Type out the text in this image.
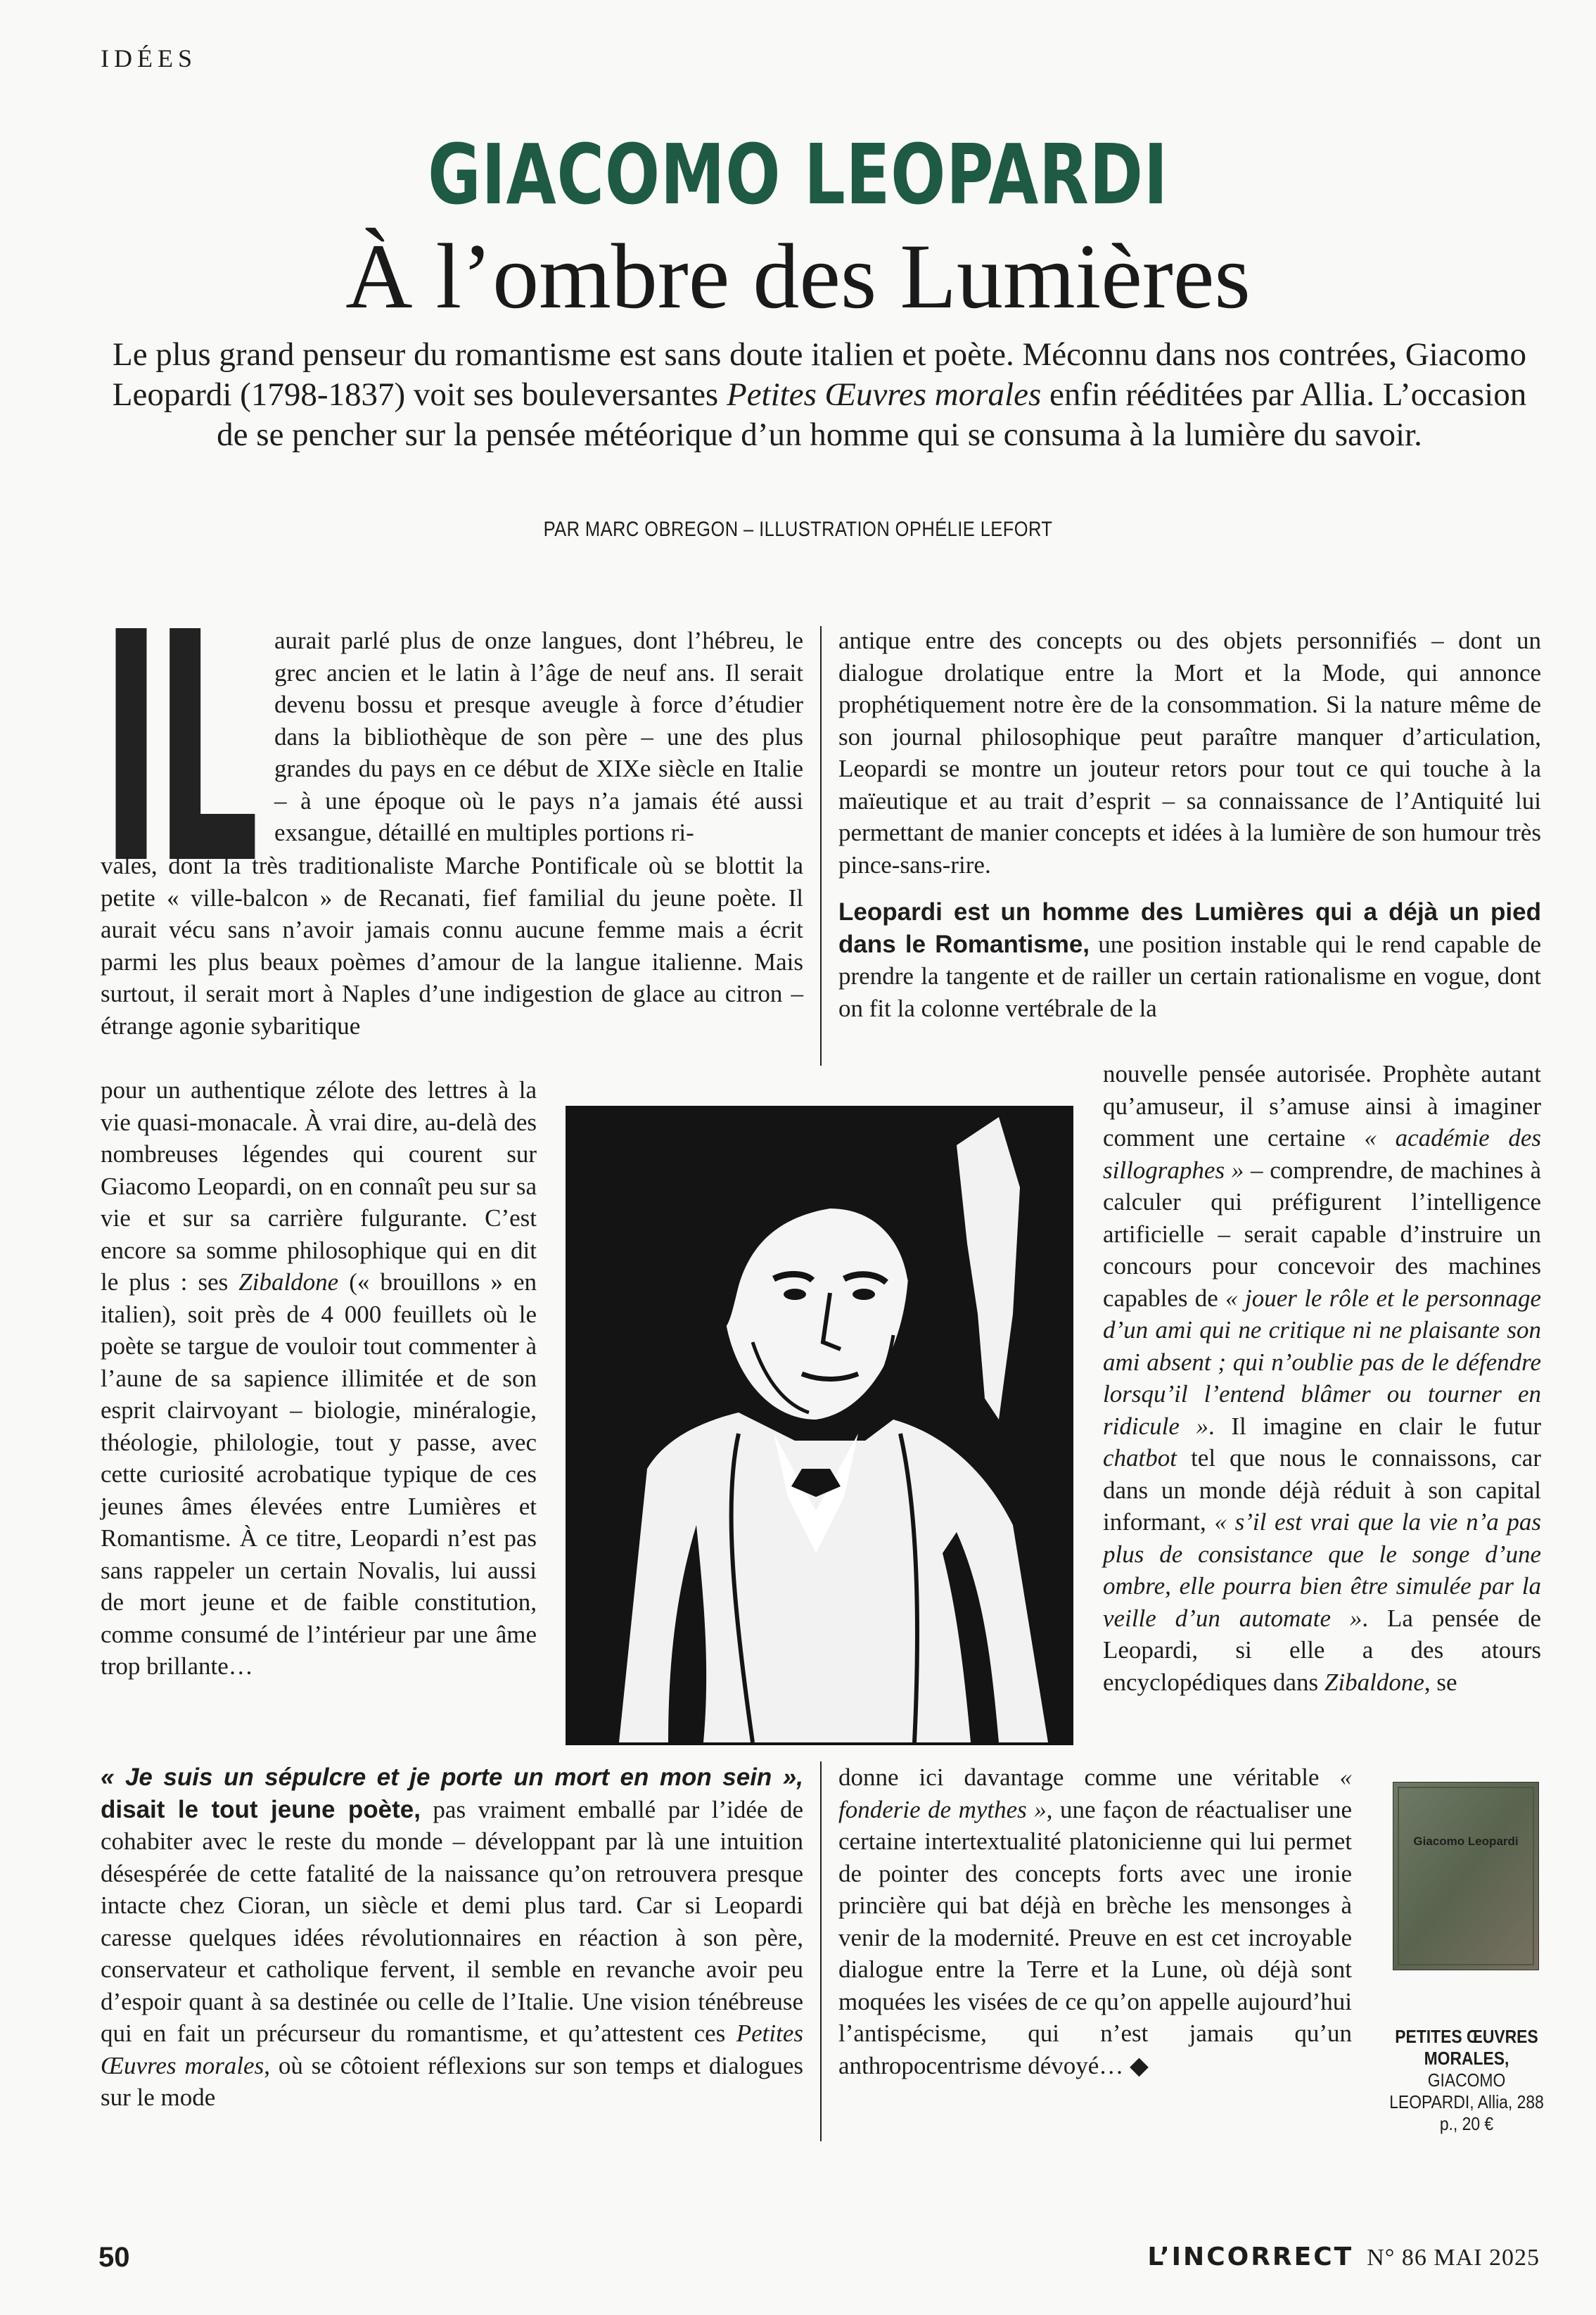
IDÉES
GIACOMO LEOPARDI
À l’ombre des Lumières
Le plus grand penseur du romantisme est sans doute italien et poète. Méconnu dans nos contrées, Giacomo Leopardi (1798-1837) voit ses bouleversantes Petites Œuvres morales enfin rééditées par Allia. L’occasion de se pencher sur la pensée météorique d’un homme qui se consuma à la lumière du savoir.
PAR MARC OBREGON – ILLUSTRATION OPHÉLIE LEFORT
IL aurait parlé plus de onze langues, dont l’hébreu, le grec ancien et le latin à l’âge de neuf ans. Il serait devenu bossu et presque aveugle à force d’étudier dans la bibliothèque de son père – une des plus grandes du pays en ce début de XIXe siècle en Italie – à une époque où le pays n’a jamais été aussi exsangue, détaillé en multiples portions ri-

vales, dont la très traditionaliste Marche Pontificale où se blottit la petite « ville-balcon » de Recanati, fief familial du jeune poète. Il aurait vécu sans n’avoir jamais connu aucune femme mais a écrit parmi les plus beaux poèmes d’amour de la langue italienne. Mais surtout, il serait mort à Naples d’une indigestion de glace au citron – étrange agonie sybaritique

pour un authentique zélote des lettres à la vie quasi-monacale. À vrai dire, au-delà des nombreuses légendes qui courent sur Giacomo Leopardi, on en connaît peu sur sa vie et sur sa carrière fulgurante. C’est encore sa somme philosophique qui en dit le plus : ses Zibaldone (« brouillons » en italien), soit près de 4 000 feuillets où le poète se targue de vouloir tout commenter à l’aune de sa sapience illimitée et de son esprit clairvoyant – biologie, minéralogie, théologie, philologie, tout y passe, avec cette curiosité acrobatique typique de ces jeunes âmes élevées entre Lumières et Romantisme. À ce titre, Leopardi n’est pas sans rappeler un certain Novalis, lui aussi de mort jeune et de faible constitution, comme consumé de l’intérieur par une âme trop brillante…

« Je suis un sépulcre et je porte un mort en mon sein », disait le tout jeune poète, pas vraiment emballé par l’idée de cohabiter avec le reste du monde – développant par là une intuition désespérée de cette fatalité de la naissance qu’on retrouvera presque intacte chez Cioran, un siècle et demi plus tard. Car si Leopardi caresse quelques idées révolutionnaires en réaction à son père, conservateur et catholique fervent, il semble en revanche avoir peu d’espoir quant à sa destinée ou celle de l’Italie. Une vision ténébreuse qui en fait un précurseur du romantisme, et qu’attestent ces Petites Œuvres morales, où se côtoient réflexions sur son temps et dialogues sur le mode

antique entre des concepts ou des objets personnifiés – dont un dialogue drolatique entre la Mort et la Mode, qui annonce prophétiquement notre ère de la consommation. Si la nature même de son journal philosophique peut paraître manquer d’articulation, Leopardi se montre un jouteur retors pour tout ce qui touche à la maïeutique et au trait d’esprit – sa connaissance de l’Antiquité lui permettant de manier concepts et idées à la lumière de son humour très pince-sans-rire.

Leopardi est un homme des Lumières qui a déjà un pied dans le Romantisme, une position instable qui le rend capable de prendre la tangente et de railler un certain rationalisme en vogue, dont on fit la colonne vertébrale de la

nouvelle pensée autorisée. Prophète autant qu’amuseur, il s’amuse ainsi à imaginer comment une certaine « académie des sillographes » – comprendre, de machines à calculer qui préfigurent l’intelligence artificielle – serait capable d’instruire un concours pour concevoir des machines capables de « jouer le rôle et le personnage d’un ami qui ne critique ni ne plaisante son ami absent ; qui n’oublie pas de le défendre lorsqu’il l’entend blâmer ou tourner en ridicule ». Il imagine en clair le futur chatbot tel que nous le connaissons, car dans un monde déjà réduit à son capital informant, « s’il est vrai que la vie n’a pas plus de consistance que le songe d’une ombre, elle pourra bien être simulée par la veille d’un automate ». La pensée de Leopardi, si elle a des atours encyclopédiques dans Zibaldone, se

donne ici davantage comme une véritable « fonderie de mythes », une façon de réactualiser une certaine intertextualité platonicienne qui lui permet de pointer des concepts forts avec une ironie princière qui bat déjà en brèche les mensonges à venir de la modernité. Preuve en est cet incroyable dialogue entre la Terre et la Lune, où déjà sont moquées les visées de ce qu’on appelle aujourd’hui l’antispécisme, qui n’est jamais qu’un anthropocentrisme dévoyé… ◆

Giacomo Leopardi
PETITES ŒUVRES MORALES,
GIACOMO LEOPARDI, Allia, 288 p., 20 €
50	L’INCORRECT N° 86 MAI 2025
